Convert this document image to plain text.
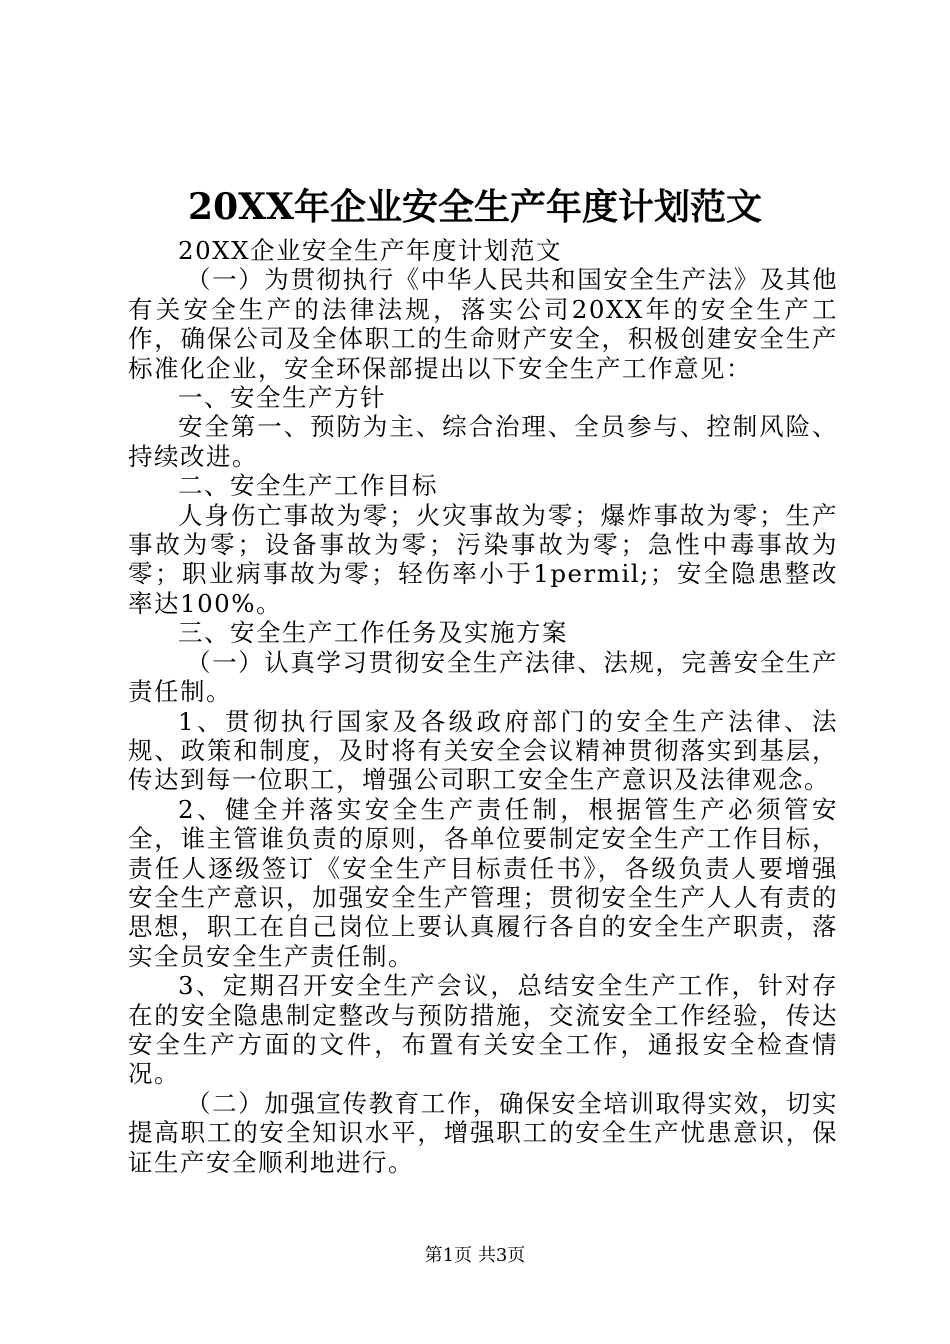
20XX年企业安全生产年度计划范文

20XX企业安全生产年度计划范文

（一）为贯彻执行《中华人民共和国安全生产法》及其他有关安全生产的法律法规，落实公司20XX年的安全生产工作，确保公司及全体职工的生命财产安全，积极创建安全生产标准化企业，安全环保部提出以下安全生产工作意见：

一、安全生产方针

安全第一、预防为主、综合治理、全员参与、控制风险、持续改进。

二、安全生产工作目标

人身伤亡事故为零；火灾事故为零；爆炸事故为零；生产事故为零；设备事故为零；污染事故为零；急性中毒事故为零；职业病事故为零；轻伤率小于1permil;；安全隐患整改率达100%。

三、安全生产工作任务及实施方案

（一）认真学习贯彻安全生产法律、法规，完善安全生产责任制。

1、贯彻执行国家及各级政府部门的安全生产法律、法规、政策和制度，及时将有关安全会议精神贯彻落实到基层，传达到每一位职工，增强公司职工安全生产意识及法律观念。

2、健全并落实安全生产责任制，根据管生产必须管安全，谁主管谁负责的原则，各单位要制定安全生产工作目标，责任人逐级签订《安全生产目标责任书》，各级负责人要增强安全生产意识，加强安全生产管理；贯彻安全生产人人有责的思想，职工在自己岗位上要认真履行各自的安全生产职责，落实全员安全生产责任制。

3、定期召开安全生产会议，总结安全生产工作，针对存在的安全隐患制定整改与预防措施，交流安全工作经验，传达安全生产方面的文件，布置有关安全工作，通报安全检查情况。

（二）加强宣传教育工作，确保安全培训取得实效，切实提高职工的安全知识水平，增强职工的安全生产忧患意识，保证生产安全顺利地进行。

第1页 共3页
